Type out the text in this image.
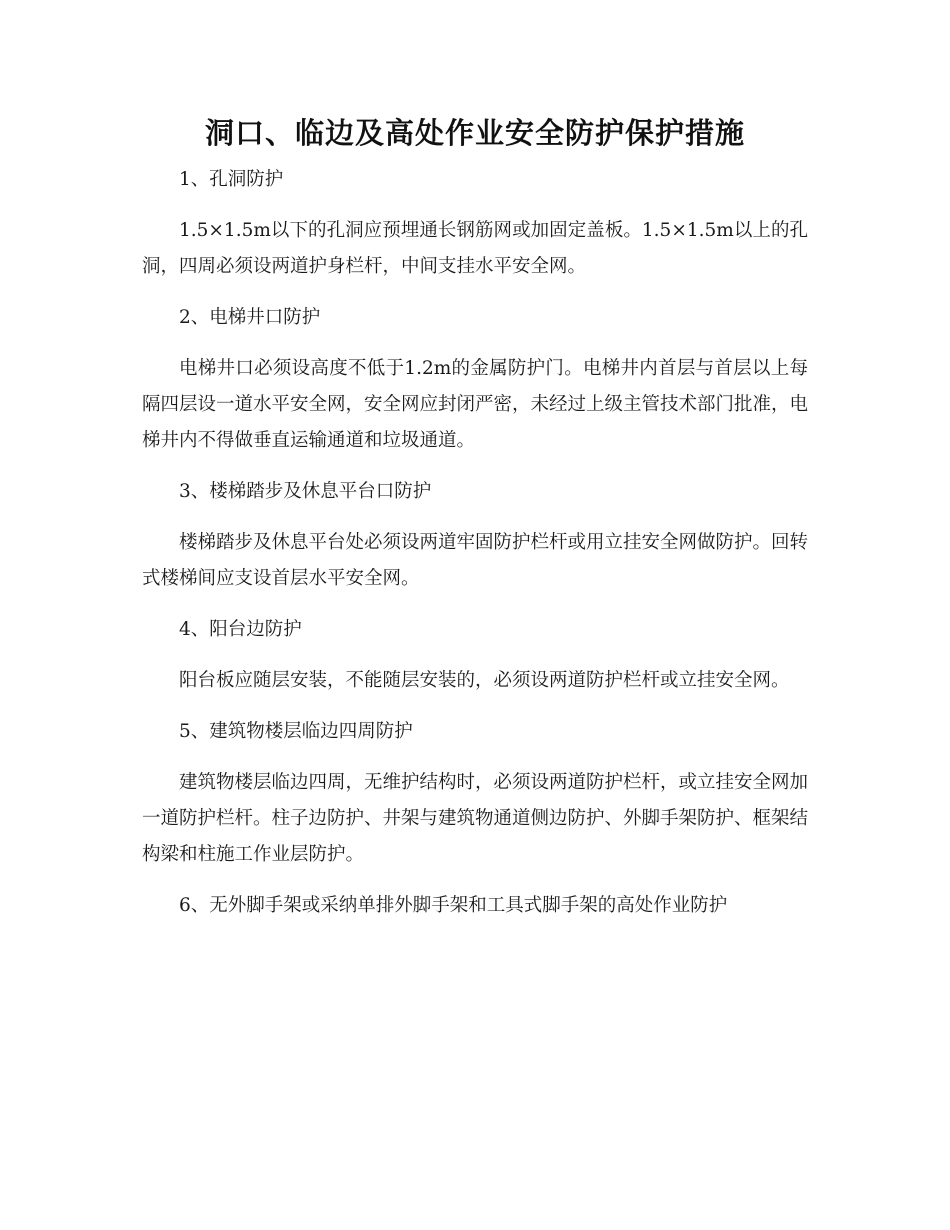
洞口、临边及高处作业安全防护保护措施

1、孔洞防护

1.5×1.5m以下的孔洞应预埋通长钢筋网或加固定盖板。1.5×1.5m以上的孔洞，四周必须设两道护身栏杆，中间支挂水平安全网。

2、电梯井口防护

电梯井口必须设高度不低于1.2m的金属防护门。电梯井内首层与首层以上每隔四层设一道水平安全网，安全网应封闭严密，未经过上级主管技术部门批准，电梯井内不得做垂直运输通道和垃圾通道。

3、楼梯踏步及休息平台口防护

楼梯踏步及休息平台处必须设两道牢固防护栏杆或用立挂安全网做防护。回转式楼梯间应支设首层水平安全网。

4、阳台边防护

阳台板应随层安装，不能随层安装的，必须设两道防护栏杆或立挂安全网。

5、建筑物楼层临边四周防护

建筑物楼层临边四周，无维护结构时，必须设两道防护栏杆，或立挂安全网加一道防护栏杆。柱子边防护、井架与建筑物通道侧边防护、外脚手架防护、框架结构梁和柱施工作业层防护。

6、无外脚手架或采纳单排外脚手架和工具式脚手架的高处作业防护
